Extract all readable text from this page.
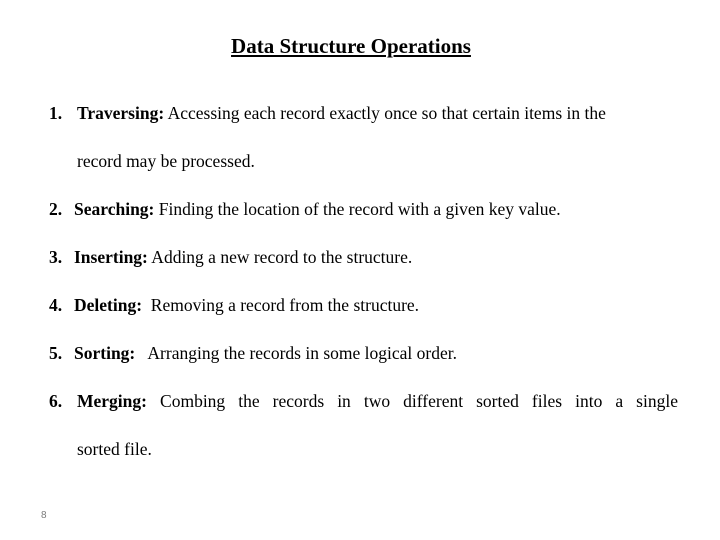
Data Structure Operations
1. Traversing: Accessing each record exactly once so that certain items in the
record may be processed.
2. Searching: Finding the location of the record with a given key value.
3. Inserting: Adding a new record to the structure.
4. Deleting:  Removing a record from the structure.
5. Sorting:   Arranging the records in some logical order.
6. Merging: Combing the records in two different sorted files into a single
sorted file.
8
